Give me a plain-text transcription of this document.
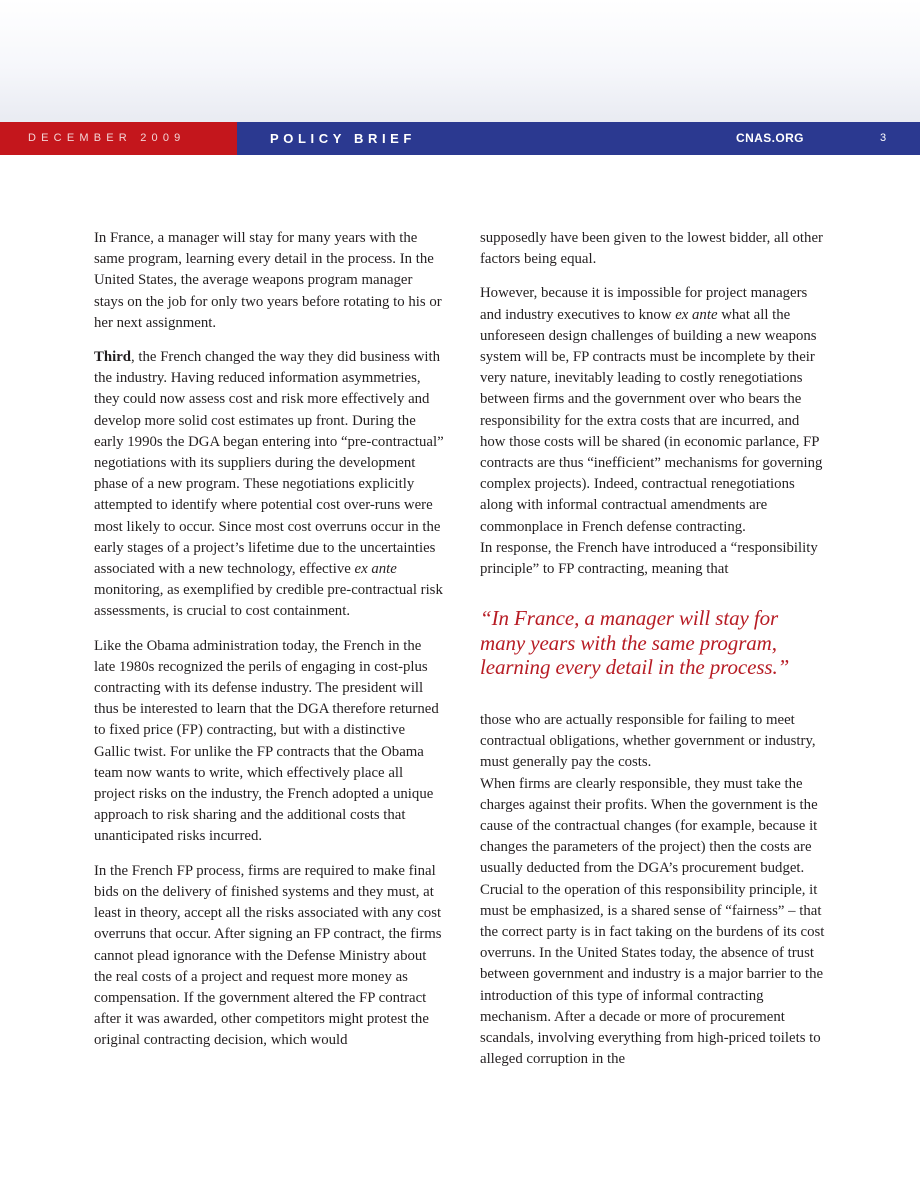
DECEMBER 2009	POLICY BRIEF	CNAS.ORG	3

In France, a manager will stay for many years with the same program, learning every detail in the process. In the United States, the average weapons program manager stays on the job for only two years before rotating to his or her next assignment.

Third, the French changed the way they did business with the industry. Having reduced information asymmetries, they could now assess cost and risk more effectively and develop more solid cost estimates up front. During the early 1990s the DGA began entering into “pre-contractual” negotiations with its suppliers during the development phase of a new program. These negotiations explicitly attempted to identify where potential cost over-runs were most likely to occur. Since most cost overruns occur in the early stages of a project’s lifetime due to the uncertainties associated with a new technology, effective ex ante monitoring, as exemplified by credible pre-contractual risk assessments, is crucial to cost containment.

Like the Obama administration today, the French in the late 1980s recognized the perils of engaging in cost-plus contracting with its defense industry. The president will thus be interested to learn that the DGA therefore returned to fixed price (FP) contracting, but with a distinctive Gallic twist. For unlike the FP contracts that the Obama team now wants to write, which effectively place all project risks on the industry, the French adopted a unique approach to risk sharing and the additional costs that unanticipated risks incurred.

In the French FP process, firms are required to make final bids on the delivery of finished systems and they must, at least in theory, accept all the risks associated with any cost overruns that occur. After signing an FP contract, the firms cannot plead ignorance with the Defense Ministry about the real costs of a project and request more money as compensation. If the government altered the FP contract after it was awarded, other competitors might protest the original contracting decision, which would

supposedly have been given to the lowest bidder, all other factors being equal.

However, because it is impossible for project managers and industry executives to know ex ante what all the unforeseen design challenges of building a new weapons system will be, FP contracts must be incomplete by their very nature, inevitably leading to costly renegotiations between firms and the government over who bears the responsibility for the extra costs that are incurred, and how those costs will be shared (in economic parlance, FP contracts are thus “inefficient” mechanisms for governing complex projects). Indeed, contractual renegotiations along with informal contractual amendments are commonplace in French defense contracting.

In response, the French have introduced a “responsibility principle” to FP contracting, meaning that

“In France, a manager will stay for many years with the same program, learning every detail in the process.”

those who are actually responsible for failing to meet contractual obligations, whether government or industry, must generally pay the costs.

When firms are clearly responsible, they must take the charges against their profits. When the government is the cause of the contractual changes (for example, because it changes the parameters of the project) then the costs are usually deducted from the DGA’s procurement budget. Crucial to the operation of this responsibility principle, it must be emphasized, is a shared sense of “fairness” – that the correct party is in fact taking on the burdens of its cost overruns. In the United States today, the absence of trust between government and industry is a major barrier to the introduction of this type of informal contracting mechanism. After a decade or more of procurement scandals, involving everything from high-priced toilets to alleged corruption in the
